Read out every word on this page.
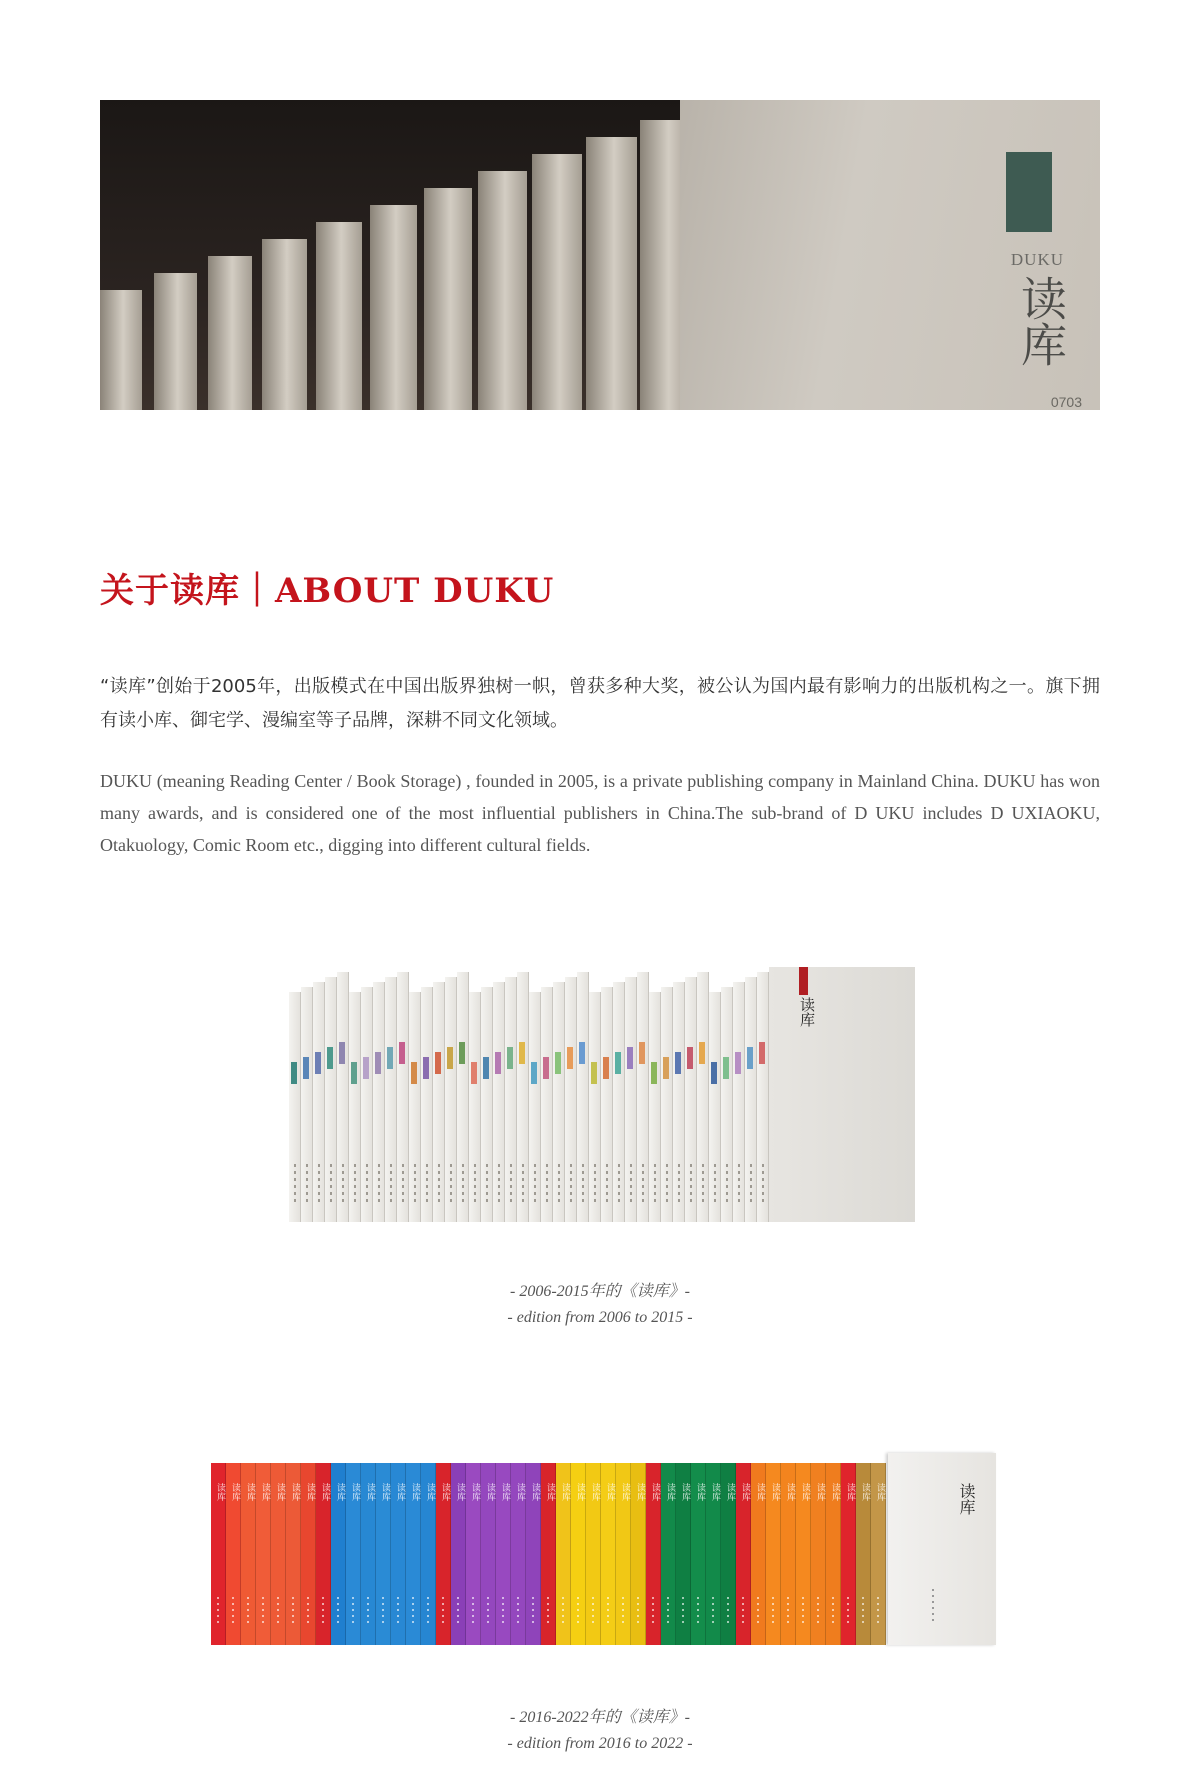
DUKU
读库
0703
关于读库｜ABOUT DUKU
“读库”创始于2005年，出版模式在中国出版界独树一帜，曾获多种大奖，被公认为国内最有影响力的出版机构之一。旗下拥有读小库、御宅学、漫编室等子品牌，深耕不同文化领域。
DUKU (meaning Reading Center / Book Storage) , founded in 2005, is a private publishing company in Mainland China. DUKU has won many awards, and is considered one of the most influential publishers in China.The sub-brand of D UKU includes D UXIAOKU, Otakuology, Comic Room etc., digging into different cultural fields.
读库
- 2006-2015年的《读库》-
- edition from 2006 to 2015 -
读库
读库 读库 读库 读库 读库 读库 读库 读库 读库 读库 读库 读库 读库 读库 读库 读库 读库 读库 读库 读库 读库 读库 读库 读库 读库 读库 读库 读库 读库 读库 读库 读库 读库 读库 读库 读库 读库 读库 读库 读库 读库 读库 读库 读库 读库
- 2016-2022年的《读库》-
- edition from 2016 to 2022 -
